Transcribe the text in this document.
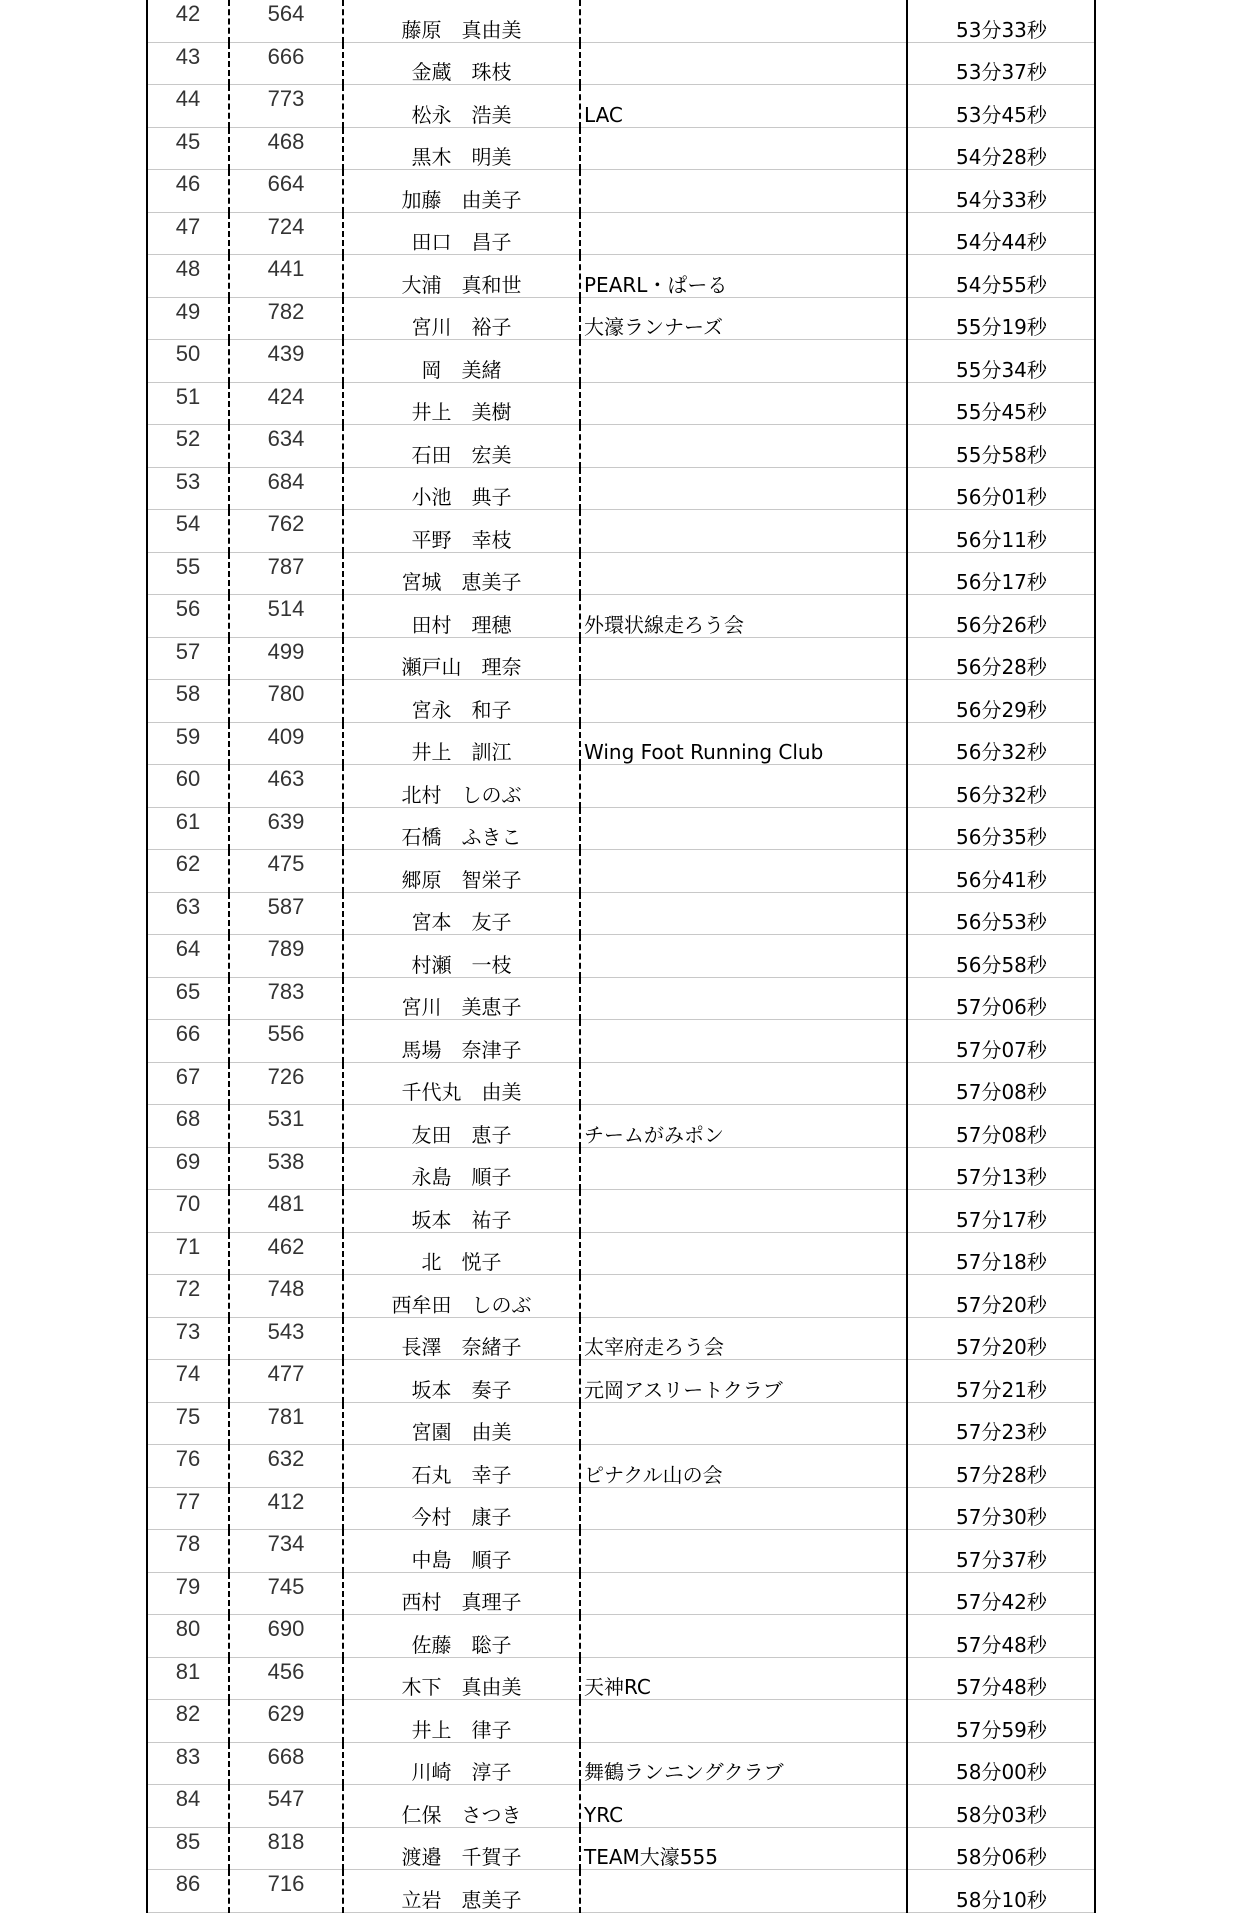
42	564	藤原　真由美		53分33秒
43	666	金蔵　珠枝		53分37秒
44	773	松永　浩美	LAC	53分45秒
45	468	黒木　明美		54分28秒
46	664	加藤　由美子		54分33秒
47	724	田口　昌子		54分44秒
48	441	大浦　真和世	PEARL・ぱーる	54分55秒
49	782	宮川　裕子	大濠ランナーズ	55分19秒
50	439	岡　美緒		55分34秒
51	424	井上　美樹		55分45秒
52	634	石田　宏美		55分58秒
53	684	小池　典子		56分01秒
54	762	平野　幸枝		56分11秒
55	787	宮城　恵美子		56分17秒
56	514	田村　理穂	外環状線走ろう会	56分26秒
57	499	瀬戸山　理奈		56分28秒
58	780	宮永　和子		56分29秒
59	409	井上　訓江	Wing Foot Running Club	56分32秒
60	463	北村　しのぶ		56分32秒
61	639	石橋　ふきこ		56分35秒
62	475	郷原　智栄子		56分41秒
63	587	宮本　友子		56分53秒
64	789	村瀬　一枝		56分58秒
65	783	宮川　美恵子		57分06秒
66	556	馬場　奈津子		57分07秒
67	726	千代丸　由美		57分08秒
68	531	友田　恵子	チームがみポン	57分08秒
69	538	永島　順子		57分13秒
70	481	坂本　祐子		57分17秒
71	462	北　悦子		57分18秒
72	748	西牟田　しのぶ		57分20秒
73	543	長澤　奈緒子	太宰府走ろう会	57分20秒
74	477	坂本　奏子	元岡アスリートクラブ	57分21秒
75	781	宮園　由美		57分23秒
76	632	石丸　幸子	ピナクル山の会	57分28秒
77	412	今村　康子		57分30秒
78	734	中島　順子		57分37秒
79	745	西村　真理子		57分42秒
80	690	佐藤　聡子		57分48秒
81	456	木下　真由美	天神RC	57分48秒
82	629	井上　律子		57分59秒
83	668	川崎　淳子	舞鶴ランニングクラブ	58分00秒
84	547	仁保　さつき	YRC	58分03秒
85	818	渡邉　千賀子	TEAM大濠555	58分06秒
86	716	立岩　恵美子		58分10秒
